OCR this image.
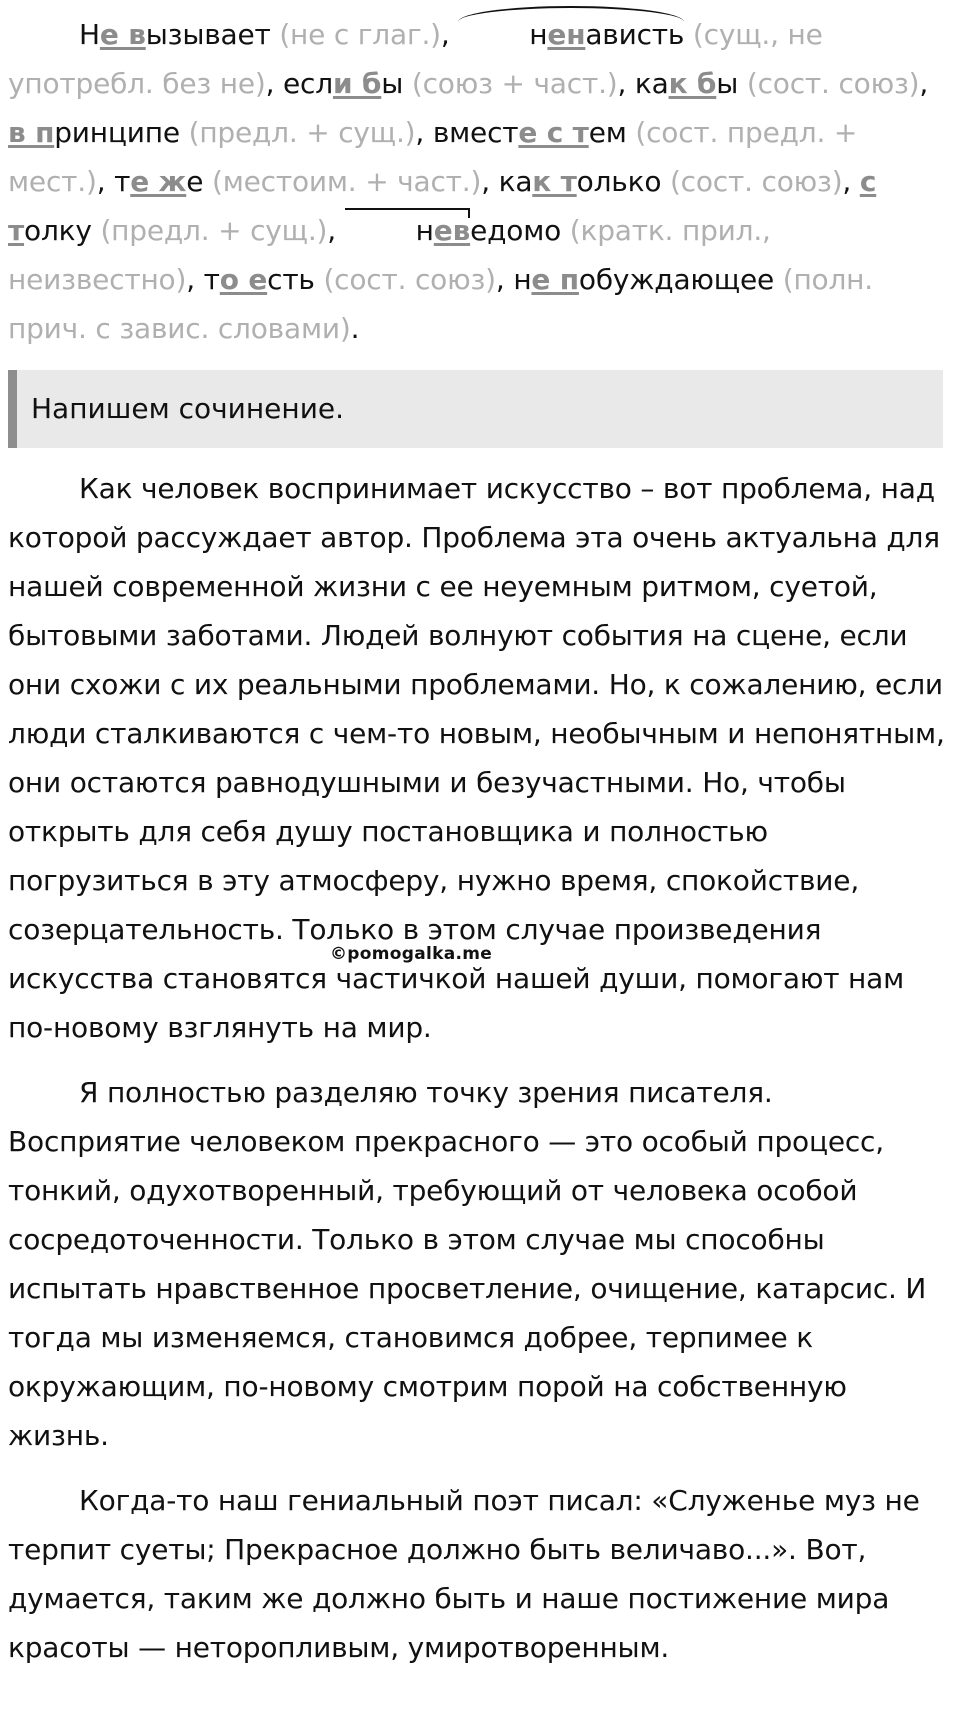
Не вызывает (не с глаг.),	ненависть (сущ., не употребл. без не), если бы (союз + част.), как бы (сост. союз), в принципе (предл. + сущ.), вместе с тем (сост. предл. + мест.), те же (местоим. + част.), как только (сост. союз), с толку (предл. + сущ.),	неведомо (кратк. прил., неизвестно), то есть (сост. союз), не побуждающее (полн. прич. с завис. словами).

Напишем сочинение.

Как человек воспринимает искусство – вот проблема, над которой рассуждает автор. Проблема эта очень актуальна для нашей современной жизни с ее неуемным ритмом, суетой, бытовыми заботами. Людей волнуют события на сцене, если они схожи с их реальными проблемами. Но, к сожалению, если люди сталкиваются с чем-то новым, необычным и непонятным, они остаются равнодушными и безучастными. Но, чтобы открыть для себя душу постановщика и полностью погрузиться в эту атмосферу, нужно время, спокойствие, созерцательность. Только в этом случае произведения искусства становятся частичкой нашей души, помогают нам по-новому взглянуть на мир.

Я полностью разделяю точку зрения писателя. Восприятие человеком прекрасного — это особый процесс, тонкий, одухотворенный, требующий от человека особой сосредоточенности. Только в этом случае мы способны испытать нравственное просветление, очищение, катарсис. И тогда мы изменяемся, становимся добрее, терпимее к окружающим, по-новому смотрим порой на собственную жизнь.

Когда-то наш гениальный поэт писал: «Служенье муз не терпит суеты; Прекрасное должно быть величаво...». Вот, думается, таким же должно быть и наше постижение мира красоты — неторопливым, умиротворенным.

©pomogalka.me
